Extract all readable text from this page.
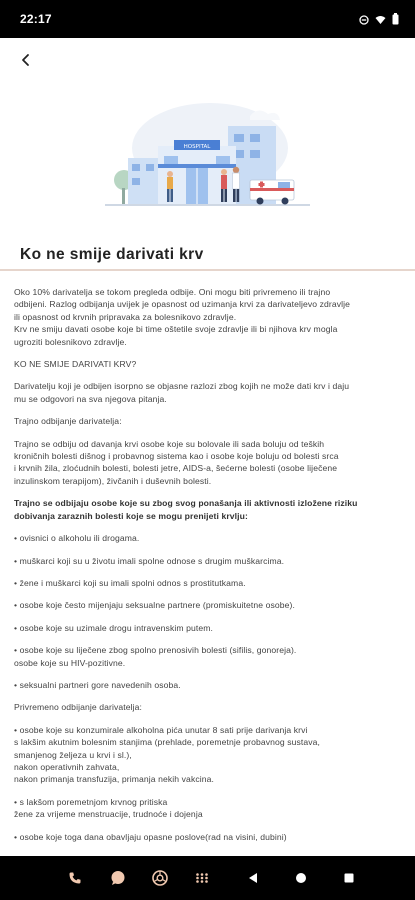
22:17
HOSPITAL
Ko ne smije darivati krv

Oko 10% darivatelja se tokom pregleda odbije. Oni mogu biti privremeno ili trajno

odbijeni. Razlog odbijanja uvijek je opasnost od uzimanja krvi za darivateljevo zdravlje

ili opasnost od krvnih pripravaka za bolesnikovo zdravlje.

Krv ne smiju davati osobe koje bi time oštetile svoje zdravlje ili bi njihova krv mogla

ugroziti bolesnikovo zdravlje.

KO NE SMIJE DARIVATI KRV?

Darivatelju koji je odbijen isorpno se objasne razlozi zbog kojih ne može dati krv i daju

mu se odgovori na sva njegova pitanja.

Trajno odbijanje darivatelja:

Trajno se odbiju od davanja krvi osobe koje su bolovale ili sada boluju od teških

kroničnih bolesti dišnog i probavnog sistema kao i osobe koje boluju od bolesti srca

i krvnih žila, zloćudnih bolesti, bolesti jetre, AIDS-a, šećerne bolesti (osobe liječene

inzulinskom terapijom), živčanih i duševnih bolesti.

Trajno se odbijaju osobe koje su zbog svog ponašanja ili aktivnosti izložene riziku

dobivanja zaraznih bolesti koje se mogu prenijeti krvlju:

• ovisnici o alkoholu ili drogama.

• muškarci koji su u životu imali spolne odnose s drugim muškarcima.

• žene i muškarci koji su imali spolni odnos s prostitutkama.

• osobe koje često mijenjaju seksualne partnere (promiskuitetne osobe).

• osobe koje su uzimale drogu intravenskim putem.

• osobe koje su liječene zbog spolno prenosivih bolesti (sifilis, gonoreja).

osobe koje su HIV-pozitivne.

• seksualni partneri gore navedenih osoba.

Privremeno odbijanje darivatelja:

• osobe koje su konzumirale alkoholna pića unutar 8 sati prije darivanja krvi

s lakšim akutnim bolesnim stanjima (prehlade, poremetnje probavnog sustava,

smanjenog željeza u krvi i sl.),

nakon operativnih zahvata,

nakon primanja transfuzija, primanja nekih vakcina.

• s lakšom poremetnjom krvnog pritiska

žene za vrijeme menstruacije, trudnoće i dojenja

• osobe koje toga dana obavljaju opasne poslove(rad na visini, dubini)
